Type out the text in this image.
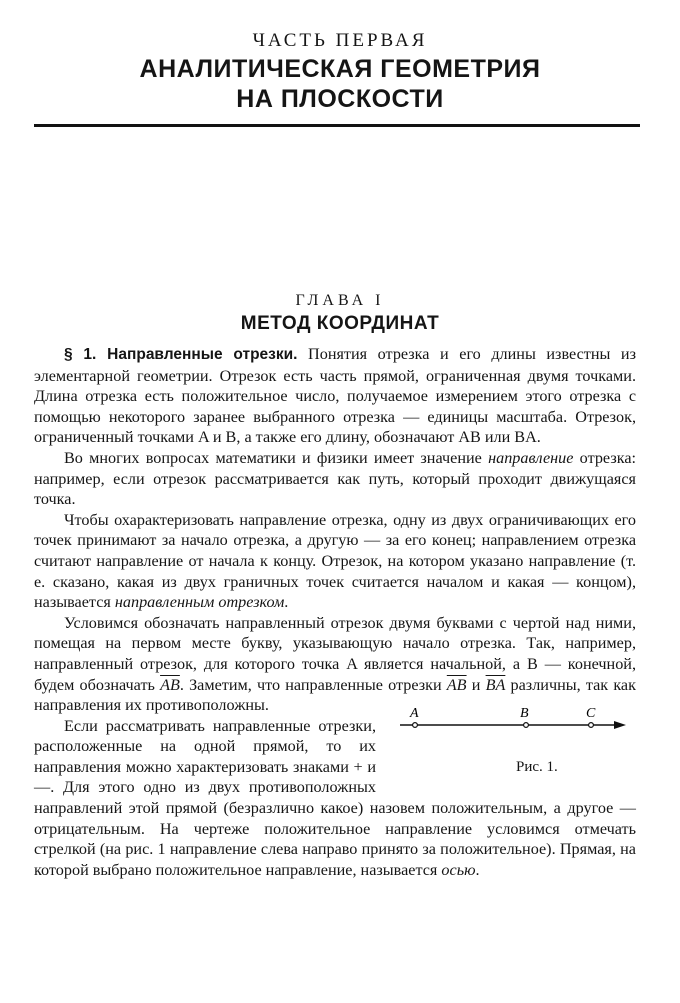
ЧАСТЬ ПЕРВАЯ
АНАЛИТИЧЕСКАЯ ГЕОМЕТРИЯ
НА ПЛОСКОСТИ
ГЛАВА I
МЕТОД КООРДИНАТ

§ 1. Направленные отрезки. Понятия отрезка и его длины известны из элементарной геометрии. Отрезок есть часть прямой, ограниченная двумя точками. Длина отрезка есть положительное число, получаемое измерением этого отрезка с помощью некоторого заранее выбранного отрезка — единицы масштаба. Отрезок, ограниченный точками A и B, а также его длину, обозначают AB или BA.

Во многих вопросах математики и физики имеет значение направление отрезка: например, если отрезок рассматривается как путь, который проходит движущаяся точка.

Чтобы охарактеризовать направление отрезка, одну из двух ограничивающих его точек принимают за начало отрезка, а другую — за его конец; направлением отрезка считают направление от начала к концу. Отрезок, на котором указано направление (т. е. сказано, какая из двух граничных точек считается началом и какая — концом), называется направленным отрезком.

Условимся обозначать направленный отрезок двумя буквами с чертой над ними, помещая на первом месте букву, указывающую начало отрезка. Так, например, направленный отрезок, для которого точка A является начальной, а B — конечной, будем обозначать $\overline{AB}$. Заметим, что направленные отрезки
A	B	C
Рис. 1.
$\overline{AB}$ и $\overline{BA}$ различны, так как направления их противоположны.

Если рассматривать направленные отрезки, расположенные на одной прямой, то их направления можно характеризовать знаками + и —. Для этого одно из двух противоположных направлений этой прямой (безразлично какое) назовем положительным, а другое — отрицательным. На чертеже положительное направление условимся отмечать стрелкой (на рис. 1 направление слева направо принято за положительное). Прямая, на которой выбрано положительное направление, называется осью.
